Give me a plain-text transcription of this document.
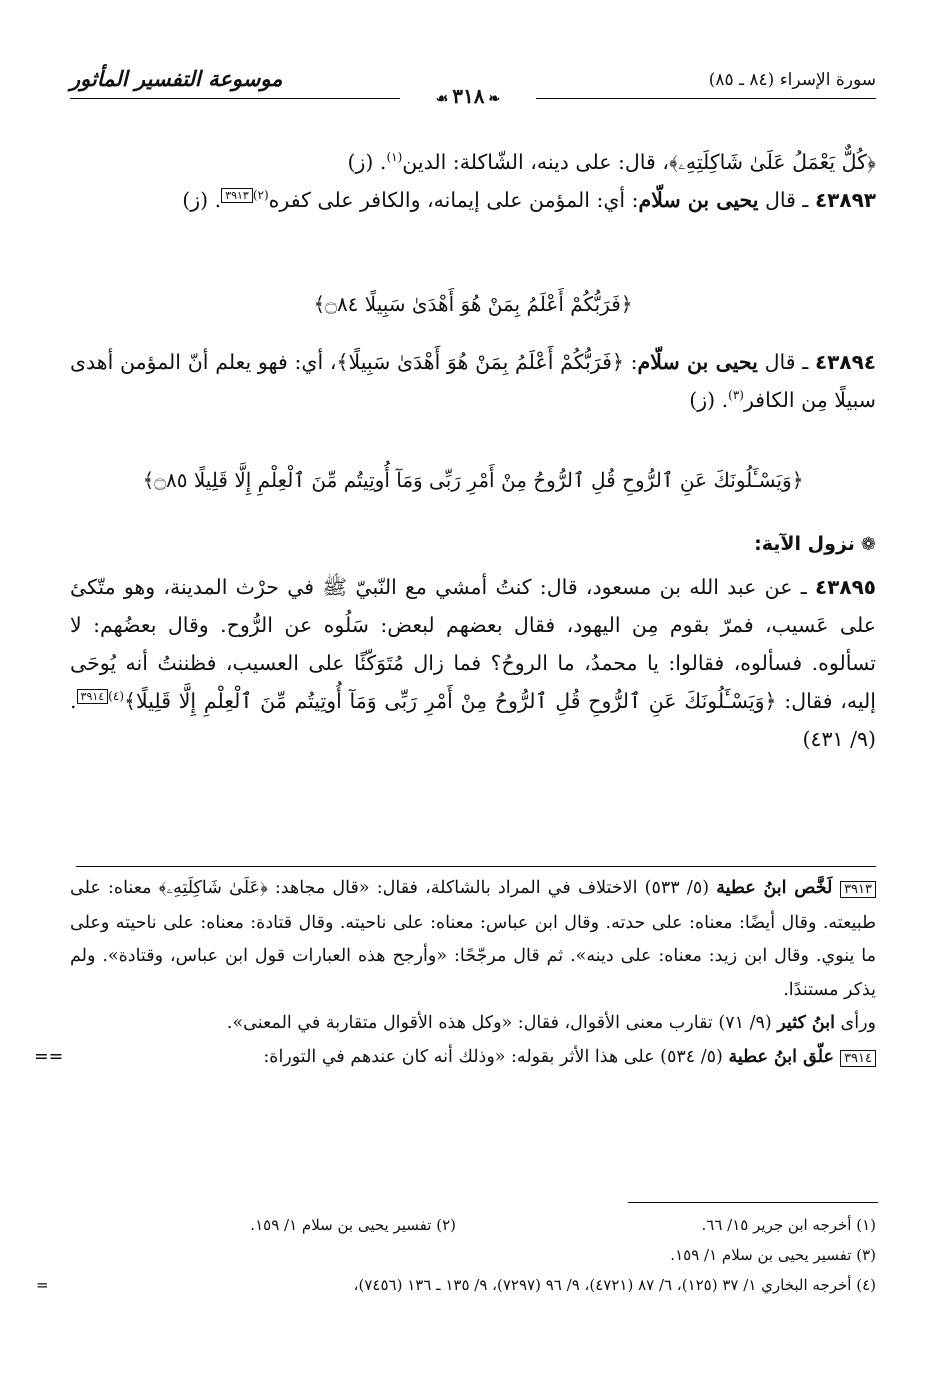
موسوعة التفسير المأثور	سورة الإسراء (٨٤ ـ ٨٥)
❧٣١٨☙

﴿كُلٌّ يَعْمَلُ عَلَىٰ شَاكِلَتِهِۦ﴾، قال: على دينه، الشّاكلة: الدين$^{(١)}$. (ز)

٤٣٨٩٣ ـ قال يحيى بن سلّام: أي: المؤمن على إيمانه، والكافر على كفره$^{(٢)٣٩١٣}$. (ز)

﴿فَرَبُّكُمْ أَعْلَمُ بِمَنْ هُوَ أَهْدَىٰ سَبِيلًا ۝٨٤﴾

٤٣٨٩٤ ـ قال يحيى بن سلّام: ﴿فَرَبُّكُمْ أَعْلَمُ بِمَنْ هُوَ أَهْدَىٰ سَبِيلًا﴾، أي: فهو يعلم أنّ المؤمن أهدى سبيلًا مِن الكافر$^{(٣)}$. (ز)

﴿وَيَسْـَٔلُونَكَ عَنِ ٱلرُّوحِ قُلِ ٱلرُّوحُ مِنْ أَمْرِ رَبِّى وَمَآ أُوتِيتُم مِّنَ ٱلْعِلْمِ إِلَّا قَلِيلًا ۝٨٥﴾

❁نزول الآية:

٤٣٨٩٥ ـ عن عبد الله بن مسعود، قال: كنتُ أمشي مع النّبيّ ﷺ في حرْث المدينة، وهو متّكئ على عَسيب، فمرّ بقوم مِن اليهود، فقال بعضهم لبعض: سَلُوه عن الرُّوح. وقال بعضُهم: لا تسألوه. فسألوه، فقالوا: يا محمدُ، ما الروحُ؟ فما زال مُتَوَكّئًا على العسيب، فظننتُ أنه يُوحَى إليه، فقال: ﴿وَيَسْـَٔلُونَكَ عَنِ ٱلرُّوحِ قُلِ ٱلرُّوحُ مِنْ أَمْرِ رَبِّى وَمَآ أُوتِيتُم مِّنَ ٱلْعِلْمِ إِلَّا قَلِيلًا﴾$^{(٤)٣٩١٤}$. (٩/ ٤٣١)

٣٩١٣ لَخَّص ابنُ عطية (٥/ ٥٣٣) الاختلاف في المراد بالشاكلة، فقال: «قال مجاهد: ﴿عَلَىٰ شَاكِلَتِهِۦ﴾ معناه: على طبيعته. وقال أيضًا: معناه: على حدته. وقال ابن عباس: معناه: على ناحيته. وقال قتادة: معناه: على ناحيته وعلى ما ينوي. وقال ابن زيد: معناه: على دينه». ثم قال مرجّحًا: «وأرجح هذه العبارات قول ابن عباس، وقتادة». ولم يذكر مستندًا.

ورأى ابنُ كثير (٩/ ٧١) تقارب معنى الأقوال، فقال: «وكل هذه الأقوال متقاربة في المعنى».

٣٩١٤ علّق ابنُ عطية (٥/ ٥٣٤) على هذا الأثر بقوله: «وذلك أنه كان عندهم في التوراة:
==

(١) أخرجه ابن جرير ١٥/ ٦٦.
(٢) تفسير يحيى بن سلام ١/ ١٥٩.
(٣) تفسير يحيى بن سلام ١/ ١٥٩.
(٤) أخرجه البخاري ١/ ٣٧ (١٢٥)، ٦/ ٨٧ (٤٧٢١)، ٩/ ٩٦ (٧٢٩٧)، ٩/ ١٣٥ ـ ١٣٦ (٧٤٥٦)،
=
